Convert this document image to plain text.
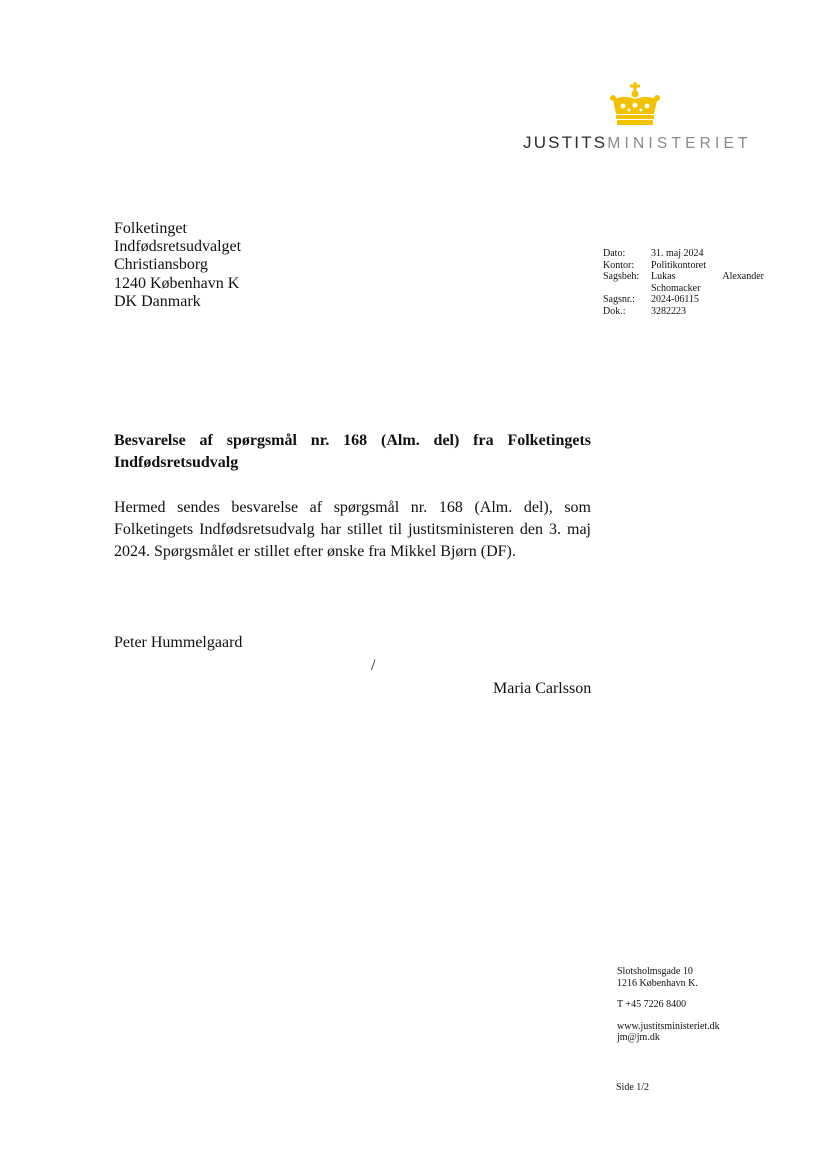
JUSTITSMINISTERIET
Folketinget
Indfødsretsudvalget
Christiansborg
1240 København K
DK Danmark
Dato:	31. maj 2024
Kontor:	Politikontoret
Sagsbeh:	Lukas Alexander
Schomacker

Sagsnr.:	2024-06115
Dok.:	3282223
Besvarelse af spørgsmål nr. 168 (Alm. del) fra Folketingets Indfødsretsudvalg
Hermed sendes besvarelse af spørgsmål nr. 168 (Alm. del), som Folketingets Indfødsretsudvalg har stillet til justitsministeren den 3. maj 2024. Spørgsmålet er stillet efter ønske fra Mikkel Bjørn (DF).
Peter Hummelgaard
/
Maria Carlsson
Slotsholmsgade 10
1216 København K.
T +45 7226 8400
www.justitsministeriet.dk
jm@jm.dk
Side 1/2
